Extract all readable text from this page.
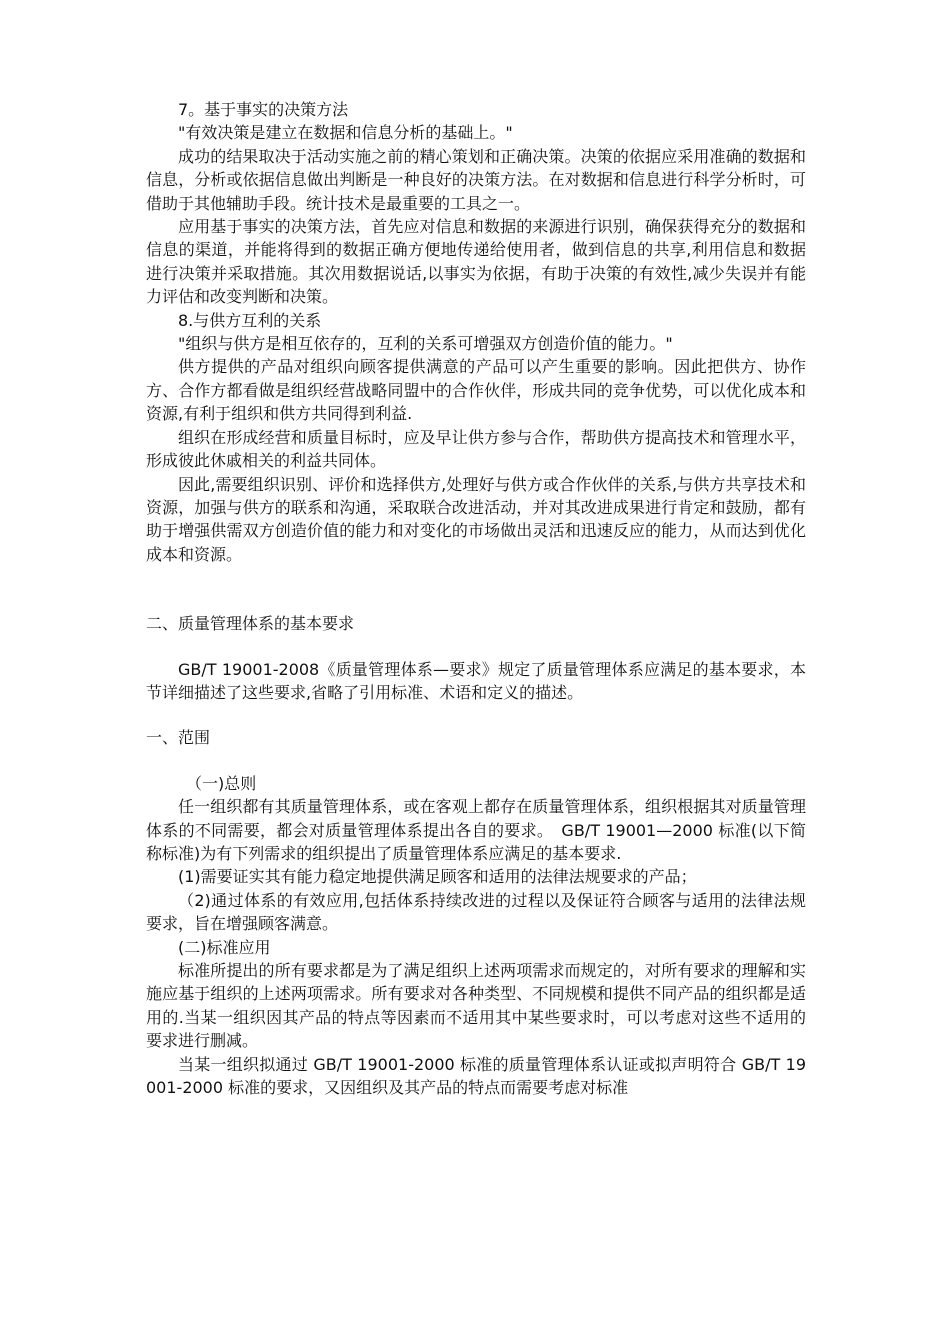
7。基于事实的决策方法

"有效决策是建立在数据和信息分析的基础上。"

成功的结果取决于活动实施之前的精心策划和正确决策。决策的依据应采用准确的数据和信息，分析或依据信息做出判断是一种良好的决策方法。在对数据和信息进行科学分析时，可借助于其他辅助手段。统计技术是最重要的工具之一。

应用基于事实的决策方法，首先应对信息和数据的来源进行识别，确保获得充分的数据和信息的渠道，并能将得到的数据正确方便地传递给使用者，做到信息的共享,利用信息和数据进行决策并采取措施。其次用数据说话,以事实为依据，有助于决策的有效性,减少失误并有能力评估和改变判断和决策。

8.与供方互利的关系

"组织与供方是相互依存的，互利的关系可增强双方创造价值的能力。"

供方提供的产品对组织向顾客提供满意的产品可以产生重要的影响。因此把供方、协作方、合作方都看做是组织经营战略同盟中的合作伙伴，形成共同的竞争优势，可以优化成本和资源,有利于组织和供方共同得到利益.

组织在形成经营和质量目标时，应及早让供方参与合作，帮助供方提高技术和管理水平，形成彼此休戚相关的利益共同体。

因此,需要组织识别、评价和选择供方,处理好与供方或合作伙伴的关系,与供方共享技术和资源，加强与供方的联系和沟通，采取联合改进活动，并对其改进成果进行肯定和鼓励，都有助于增强供需双方创造价值的能力和对变化的市场做出灵活和迅速反应的能力，从而达到优化成本和资源。

二、质量管理体系的基本要求

GB/T 19001-2008《质量管理体系—要求》规定了质量管理体系应满足的基本要求，本节详细描述了这些要求,省略了引用标准、术语和定义的描述。

一、范围

（一)总则

任一组织都有其质量管理体系，或在客观上都存在质量管理体系，组织根据其对质量管理体系的不同需要，都会对质量管理体系提出各自的要求。　GB/T 19001—2000 标准(以下简称标准)为有下列需求的组织提出了质量管理体系应满足的基本要求.

(1)需要证实其有能力稳定地提供满足顾客和适用的法律法规要求的产品；

（2)通过体系的有效应用,包括体系持续改进的过程以及保证符合顾客与适用的法律法规要求，旨在增强顾客满意。

(二)标准应用

标准所提出的所有要求都是为了满足组织上述两项需求而规定的，对所有要求的理解和实施应基于组织的上述两项需求。所有要求对各种类型、不同规模和提供不同产品的组织都是适用的.当某一组织因其产品的特点等因素而不适用其中某些要求时，可以考虑对这些不适用的要求进行删减。

当某一组织拟通过 GB/T 19001-2000 标准的质量管理体系认证或拟声明符合 GB/T 19001-2000 标准的要求，又因组织及其产品的特点而需要考虑对标准
